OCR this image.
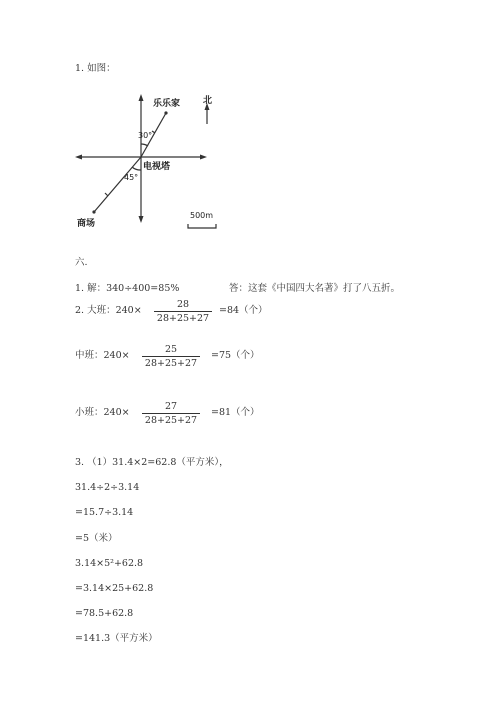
1. 如图：
乐乐家
电视塔
商场
北
30°
45°
500m
六.
1. 解：340÷400=85%	答：这套《中国四大名著》打了八五折。
2. 大班：240×
28
28+25+27
=84（个）
中班：240×
25
28+25+27
=75（个）
小班：240×
27
28+25+27
=81（个）
3. （1）31.4×2=62.8（平方米），
31.4÷2÷3.14
=15.7÷3.14
=5（米）
3.14×5²+62.8
=3.14×25+62.8
=78.5+62.8
=141.3（平方米）
